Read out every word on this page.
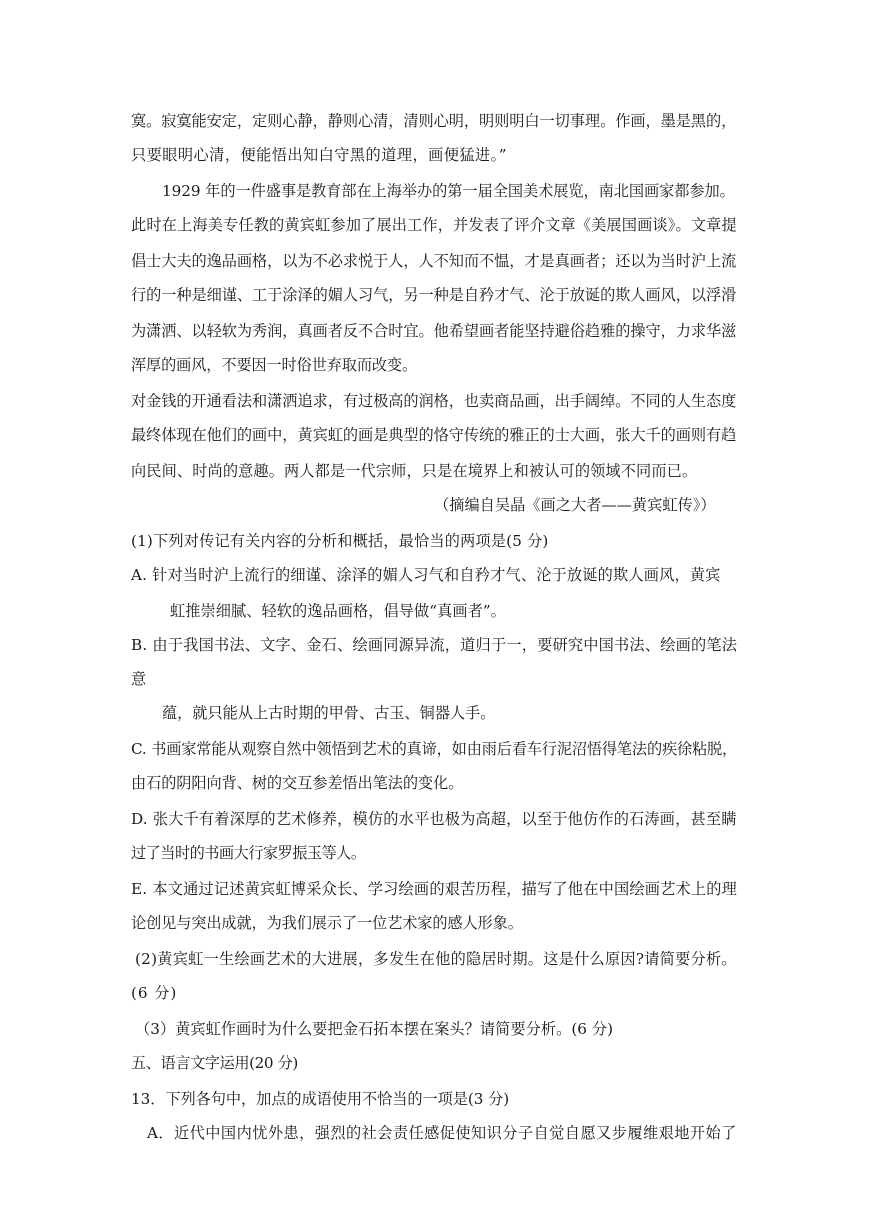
寞。寂寞能安定，定则心静，静则心清，清则心明，明则明白一切事理。作画，墨是黑的，
只要眼明心清，便能悟出知白守黑的道理，画便猛进。”
1929 年的一件盛事是教育部在上海举办的第一届全国美术展览，南北国画家都参加。
此时在上海美专任教的黄宾虹参加了展出工作，并发表了评介文章《美展国画谈》。文章提
倡士大夫的逸品画格，以为不必求悦于人，人不知而不愠，才是真画者；还以为当时沪上流
行的一种是细谨、工于涂泽的媚人习气，另一种是自矜才气、沦于放诞的欺人画风，以浮滑
为潇洒、以轻软为秀润，真画者反不合时宜。他希望画者能坚持避俗趋雅的操守，力求华滋
浑厚的画风，不要因一时俗世弃取而改变。
对金钱的开通看法和潇洒追求，有过极高的润格，也卖商品画，出手阔绰。不同的人生态度
最终体现在他们的画中，黄宾虹的画是典型的恪守传统的雅正的士大画，张大千的画则有趋
向民间、时尚的意趣。两人都是一代宗师，只是在境界上和被认可的领域不同而已。
（摘编自吴晶《画之大者——黄宾虹传》）
(1)下列对传记有关内容的分析和概括，最恰当的两项是(5 分)
A. 针对当时沪上流行的细谨、涂泽的媚人习气和自矜才气、沦于放诞的欺人画风，黄宾
虹推崇细腻、轻软的逸品画格，倡导做“真画者”。
B. 由于我国书法、文字、金石、绘画同源异流，道归于一，要研究中国书法、绘画的笔法
意
蕴，就只能从上古时期的甲骨、古玉、铜器人手。
C. 书画家常能从观察自然中领悟到艺术的真谛，如由雨后看车行泥沼悟得笔法的疾徐粘脱，
由石的阴阳向背、树的交互参差悟出笔法的变化。
D. 张大千有着深厚的艺术修养，模仿的水平也极为高超，以至于他仿作的石涛画，甚至瞒
过了当时的书画大行家罗振玉等人。
E. 本文通过记述黄宾虹博采众长、学习绘画的艰苦历程，描写了他在中国绘画艺术上的理
论创见与突出成就，为我们展示了一位艺术家的感人形象。
(2)黄宾虹一生绘画艺术的大进展，多发生在他的隐居时期。这是什么原因?请简要分析。
(6 分)
（3）黄宾虹作画时为什么要把金石拓本摆在案头？请简要分析。(6 分)
五、语言文字运用(20 分)
13．下列各句中，加点的成语使用不恰当的一项是(3 分)
A．近代中国内忧外患，强烈的社会责任感促使知识分子自觉自愿又步履维艰地开始了
